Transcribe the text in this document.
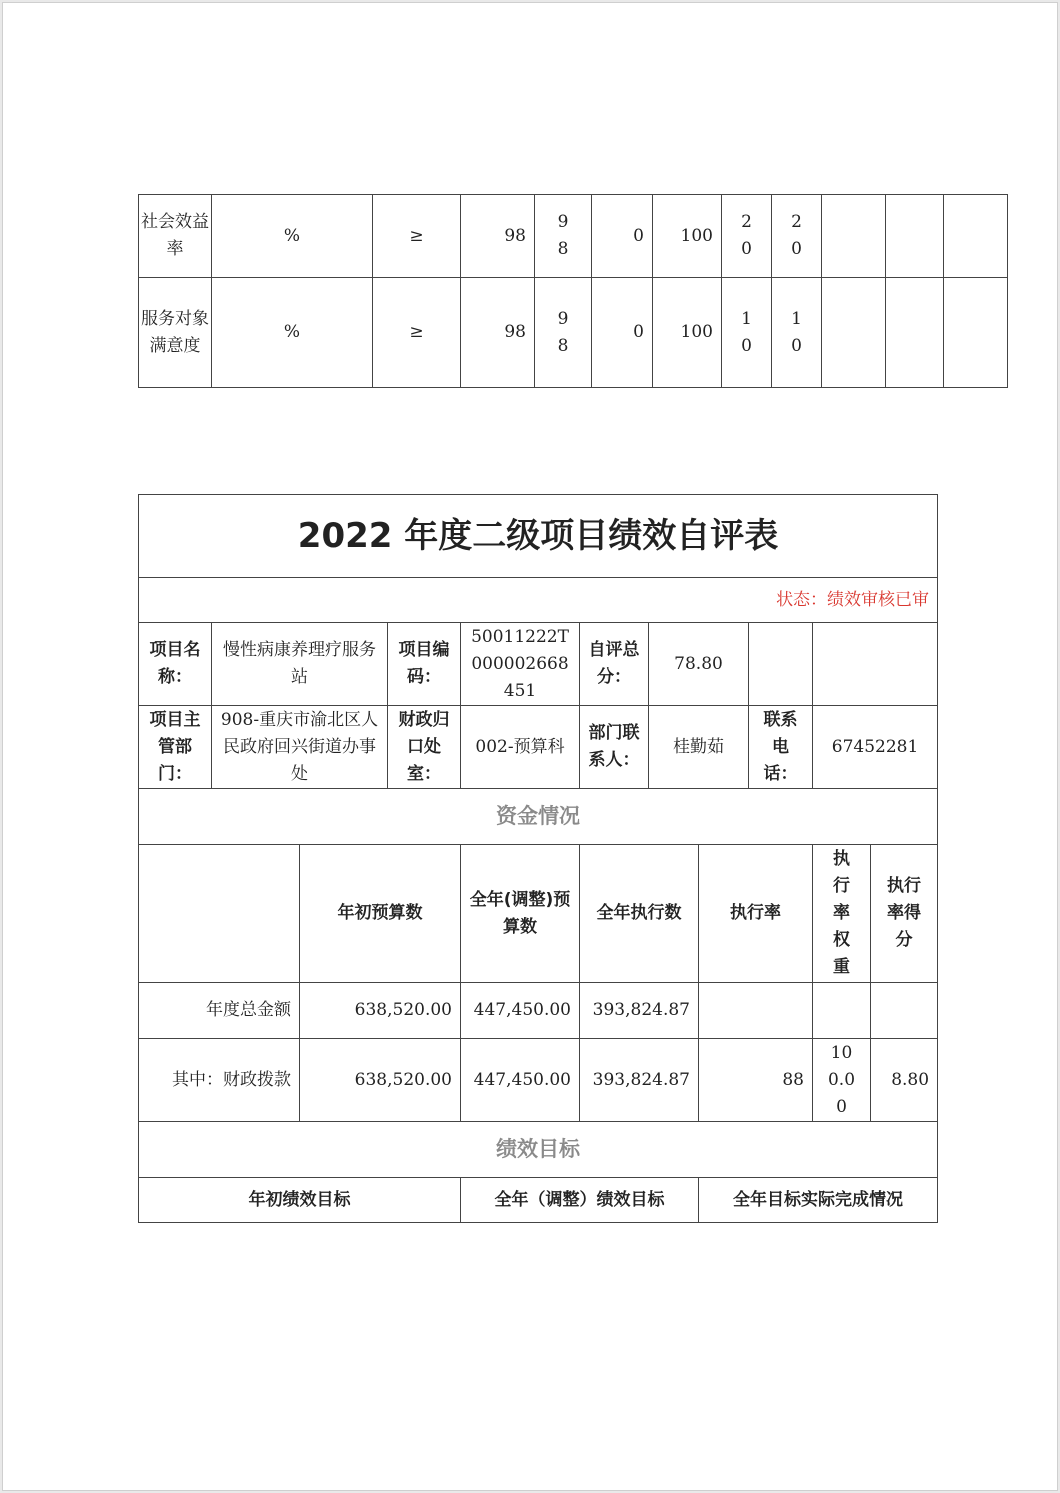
社会效益率	%	≥	98	98	0	100	20	20			
服务对象满意度	%	≥	98	98	0	100	10	10			
2022 年度二级项目绩效自评表										
状态：绩效审核已审										
项目名称：	慢性病康养理疗服务站		项目编码：	50011222T000002668451	自评总分：	78.80				
项目主管部门：	908-重庆市渝北区人民政府回兴街道办事处		财政归口处室：	002-预算科	部门联系人：	桂勤茹		联系电话：	67452281	
资金情况										
		年初预算数		全年(调整)预算数	全年执行数		执行率		执行率权重	执行率得分
年度总金额		638,520.00		447,450.00	393,824.87					
其中：财政拨款		638,520.00		447,450.00	393,824.87		88		100.00	8.80
绩效目标										
年初绩效目标				全年（调整）绩效目标			全年目标实际完成情况			
